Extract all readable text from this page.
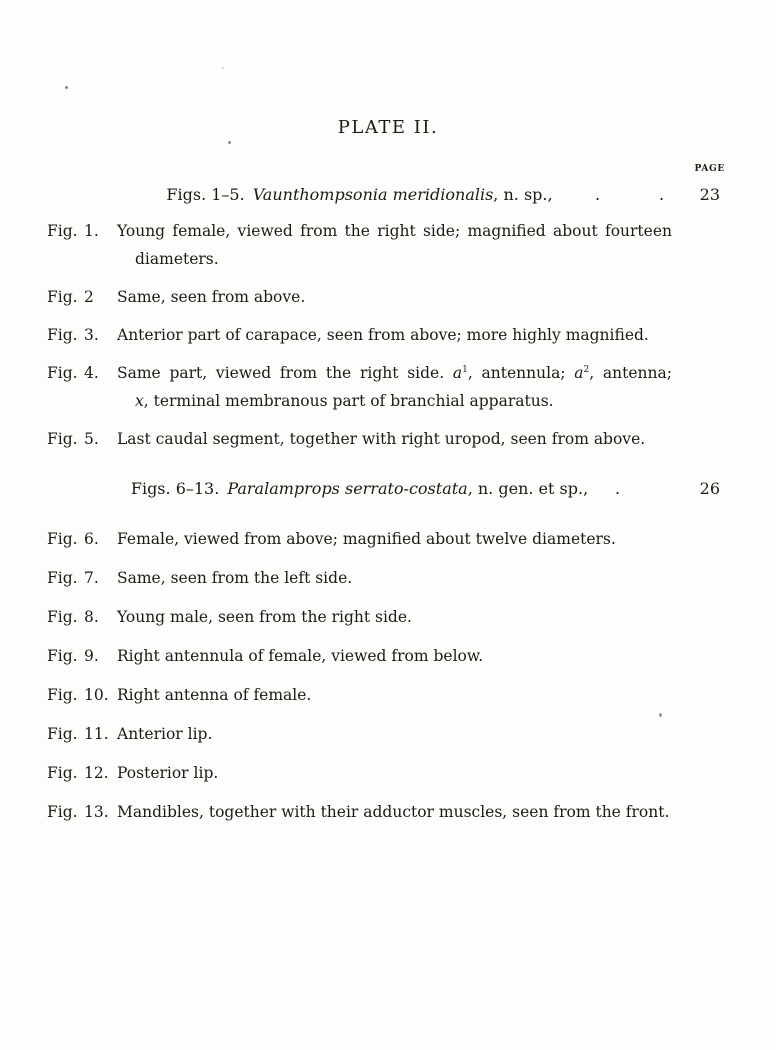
PLATE II.
PAGE
Figs. 1–5. Vaunthompsonia meridionalis, n. sp.,	.	. 23
Fig. 1.	Young female, viewed from the right side; magnified about fourteen
diameters.
Fig. 2	Same, seen from above.
Fig. 3.	Anterior part of carapace, seen from above; more highly magnified.
Fig. 4.	Same part, viewed from the right side. $a^1$, antennula; $a^2$, antenna;
x, terminal membranous part of branchial apparatus.
Fig. 5.	Last caudal segment, together with right uropod, seen from above.
Figs. 6–13. Paralamprops serrato-costata, n. gen. et sp.,	.	26
Fig. 6.	Female, viewed from above; magnified about twelve diameters.
Fig. 7.	Same, seen from the left side.
Fig. 8.	Young male, seen from the right side.
Fig. 9.	Right antennula of female, viewed from below.
Fig. 10. Right antenna of female.
Fig. 11. Anterior lip.
Fig. 12. Posterior lip.
Fig. 13. Mandibles, together with their adductor muscles, seen from the front.
